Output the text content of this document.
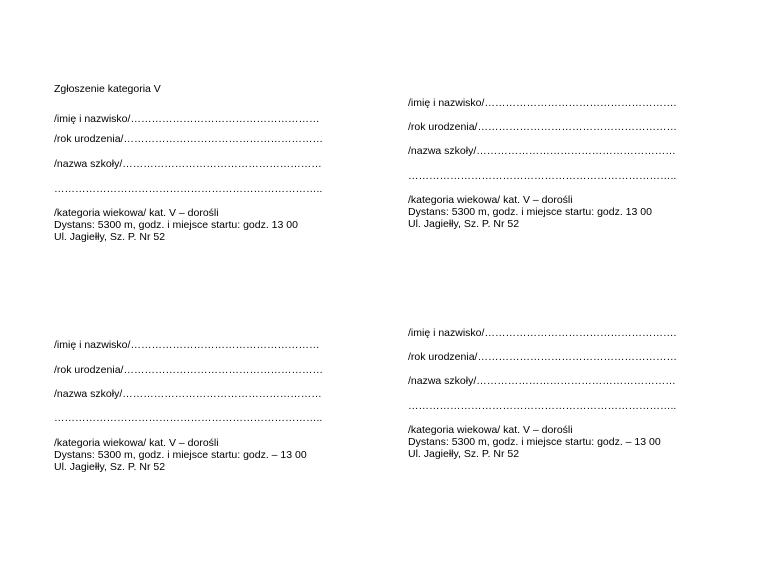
Zgłoszenie kategoria V
/imię i nazwisko/………………………………………………
/rok urodzenia/…………………………………………………
/nazwa szkoły/…………………………………………………
…………………………………………………………………..
/kategoria wiekowa/ kat. V – dorośli
Dystans: 5300 m, godz. i miejsce startu: godz. 13 00
Ul. Jagiełły, Sz. P. Nr 52
/imię i nazwisko/……………………………………………….
/rok urodzenia/…………………………………………………
/nazwa szkoły/…………………………………………………
…………………………………………………………………..
/kategoria wiekowa/ kat. V – dorośli
Dystans: 5300 m, godz. i miejsce startu: godz. 13 00
Ul. Jagiełły, Sz. P. Nr 52
/imię i nazwisko/………………………………………………
/rok urodzenia/…………………………………………………
/nazwa szkoły/…………………………………………………
…………………………………………………………………..
/kategoria wiekowa/ kat. V – dorośli
Dystans: 5300 m, godz. i miejsce startu: godz. – 13 00
Ul. Jagiełły, Sz. P. Nr 52
/imię i nazwisko/……………………………………………….
/rok urodzenia/…………………………………………………
/nazwa szkoły/…………………………………………………
…………………………………………………………………..
/kategoria wiekowa/ kat. V – dorośli
Dystans: 5300 m, godz. i miejsce startu: godz. – 13 00
Ul. Jagiełły, Sz. P. Nr 52
